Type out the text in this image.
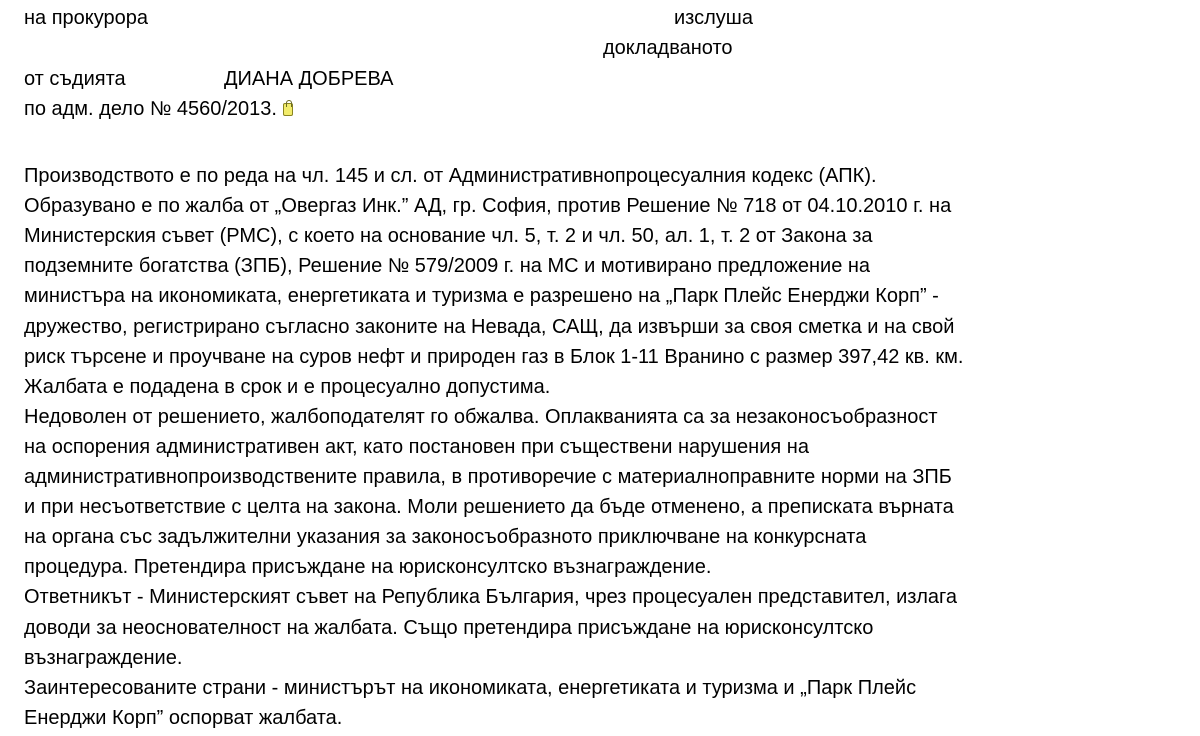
на прокурора	изслуша
докладваното
от съдията	ДИАНА ДОБРЕВА
по адм. дело № 4560/2013.
Производството е по реда на чл. 145 и сл. от Административнопроцесуалния кодекс (АПК).
Образувано е по жалба от „Овергаз Инк.” АД, гр. София, против Решение № 718 от 04.10.2010 г. на
Министерския съвет (РМС), с което на основание чл. 5, т. 2 и чл. 50, ал. 1, т. 2 от Закона за
подземните богатства (ЗПБ), Решение № 579/2009 г. на МС и мотивирано предложение на
министъра на икономиката, енергетиката и туризма е разрешено на „Парк Плейс Енерджи Корп” -
дружество, регистрирано съгласно законите на Невада, САЩ, да извърши за своя сметка и на свой
риск търсене и проучване на суров нефт и природен газ в Блок 1-11 Вранино с размер 397,42 кв. км.
Жалбата е подадена в срок и е процесуално допустима.
Недоволен от решението, жалбоподателят го обжалва. Оплакванията са за незаконосъобразност
на оспорения административен акт, като постановен при съществени нарушения на
административнопроизводствените правила, в противоречие с материалноправните норми на ЗПБ
и при несъответствие с целта на закона. Моли решението да бъде отменено, а преписката върната
на органа със задължителни указания за законосъобразното приключване на конкурсната
процедура. Претендира присъждане на юрисконсултско възнаграждение.
Ответникът - Министерският съвет на Република България, чрез процесуален представител, излага
доводи за неоснователност на жалбата. Също претендира присъждане на юрисконсултско
възнаграждение.
Заинтересованите страни - министърът на икономиката, енергетиката и туризма и „Парк Плейс
Енерджи Корп” оспорват жалбата.
